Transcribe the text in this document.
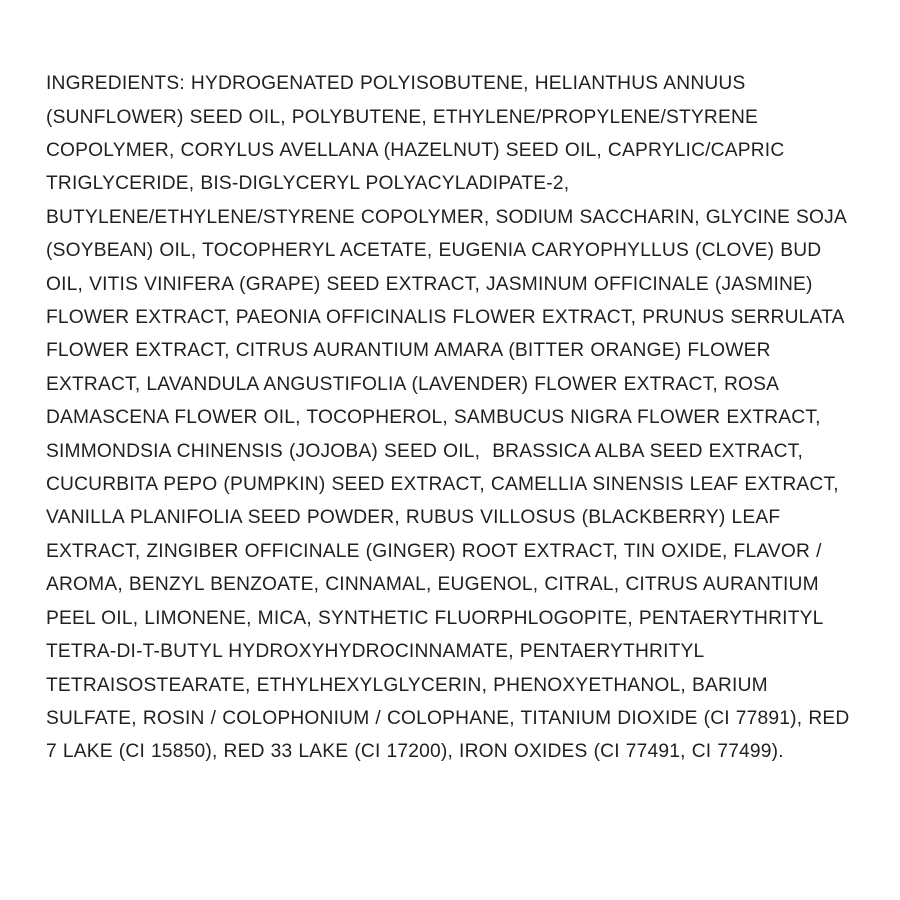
INGREDIENTS: HYDROGENATED POLYISOBUTENE, HELIANTHUS ANNUUS (SUNFLOWER) SEED OIL, POLYBUTENE, ETHYLENE/PROPYLENE/STYRENE COPOLYMER, CORYLUS AVELLANA (HAZELNUT) SEED OIL, CAPRYLIC/CAPRIC TRIGLYCERIDE, BIS-DIGLYCERYL POLYACYLADIPATE-2, BUTYLENE/ETHYLENE/STYRENE COPOLYMER, SODIUM SACCHARIN, GLYCINE SOJA (SOYBEAN) OIL, TOCOPHERYL ACETATE, EUGENIA CARYOPHYLLUS (CLOVE) BUD OIL, VITIS VINIFERA (GRAPE) SEED EXTRACT, JASMINUM OFFICINALE (JASMINE) FLOWER EXTRACT, PAEONIA OFFICINALIS FLOWER EXTRACT, PRUNUS SERRULATA FLOWER EXTRACT, CITRUS AURANTIUM AMARA (BITTER ORANGE) FLOWER EXTRACT, LAVANDULA ANGUSTIFOLIA (LAVENDER) FLOWER EXTRACT, ROSA DAMASCENA FLOWER OIL, TOCOPHEROL, SAMBUCUS NIGRA FLOWER EXTRACT, SIMMONDSIA CHINENSIS (JOJOBA) SEED OIL,  BRASSICA ALBA SEED EXTRACT, CUCURBITA PEPO (PUMPKIN) SEED EXTRACT, CAMELLIA SINENSIS LEAF EXTRACT, VANILLA PLANIFOLIA SEED POWDER, RUBUS VILLOSUS (BLACKBERRY) LEAF EXTRACT, ZINGIBER OFFICINALE (GINGER) ROOT EXTRACT, TIN OXIDE, FLAVOR / AROMA, BENZYL BENZOATE, CINNAMAL, EUGENOL, CITRAL, CITRUS AURANTIUM PEEL OIL, LIMONENE, MICA, SYNTHETIC FLUORPHLOGOPITE, PENTAERYTHRITYL TETRA-DI-T-BUTYL HYDROXYHYDROCINNAMATE, PENTAERYTHRITYL TETRAISOSTEARATE, ETHYLHEXYLGLYCERIN, PHENOXYETHANOL, BARIUM SULFATE, ROSIN / COLOPHONIUM / COLOPHANE, TITANIUM DIOXIDE (CI 77891), RED 7 LAKE (CI 15850), RED 33 LAKE (CI 17200), IRON OXIDES (CI 77491, CI 77499).
